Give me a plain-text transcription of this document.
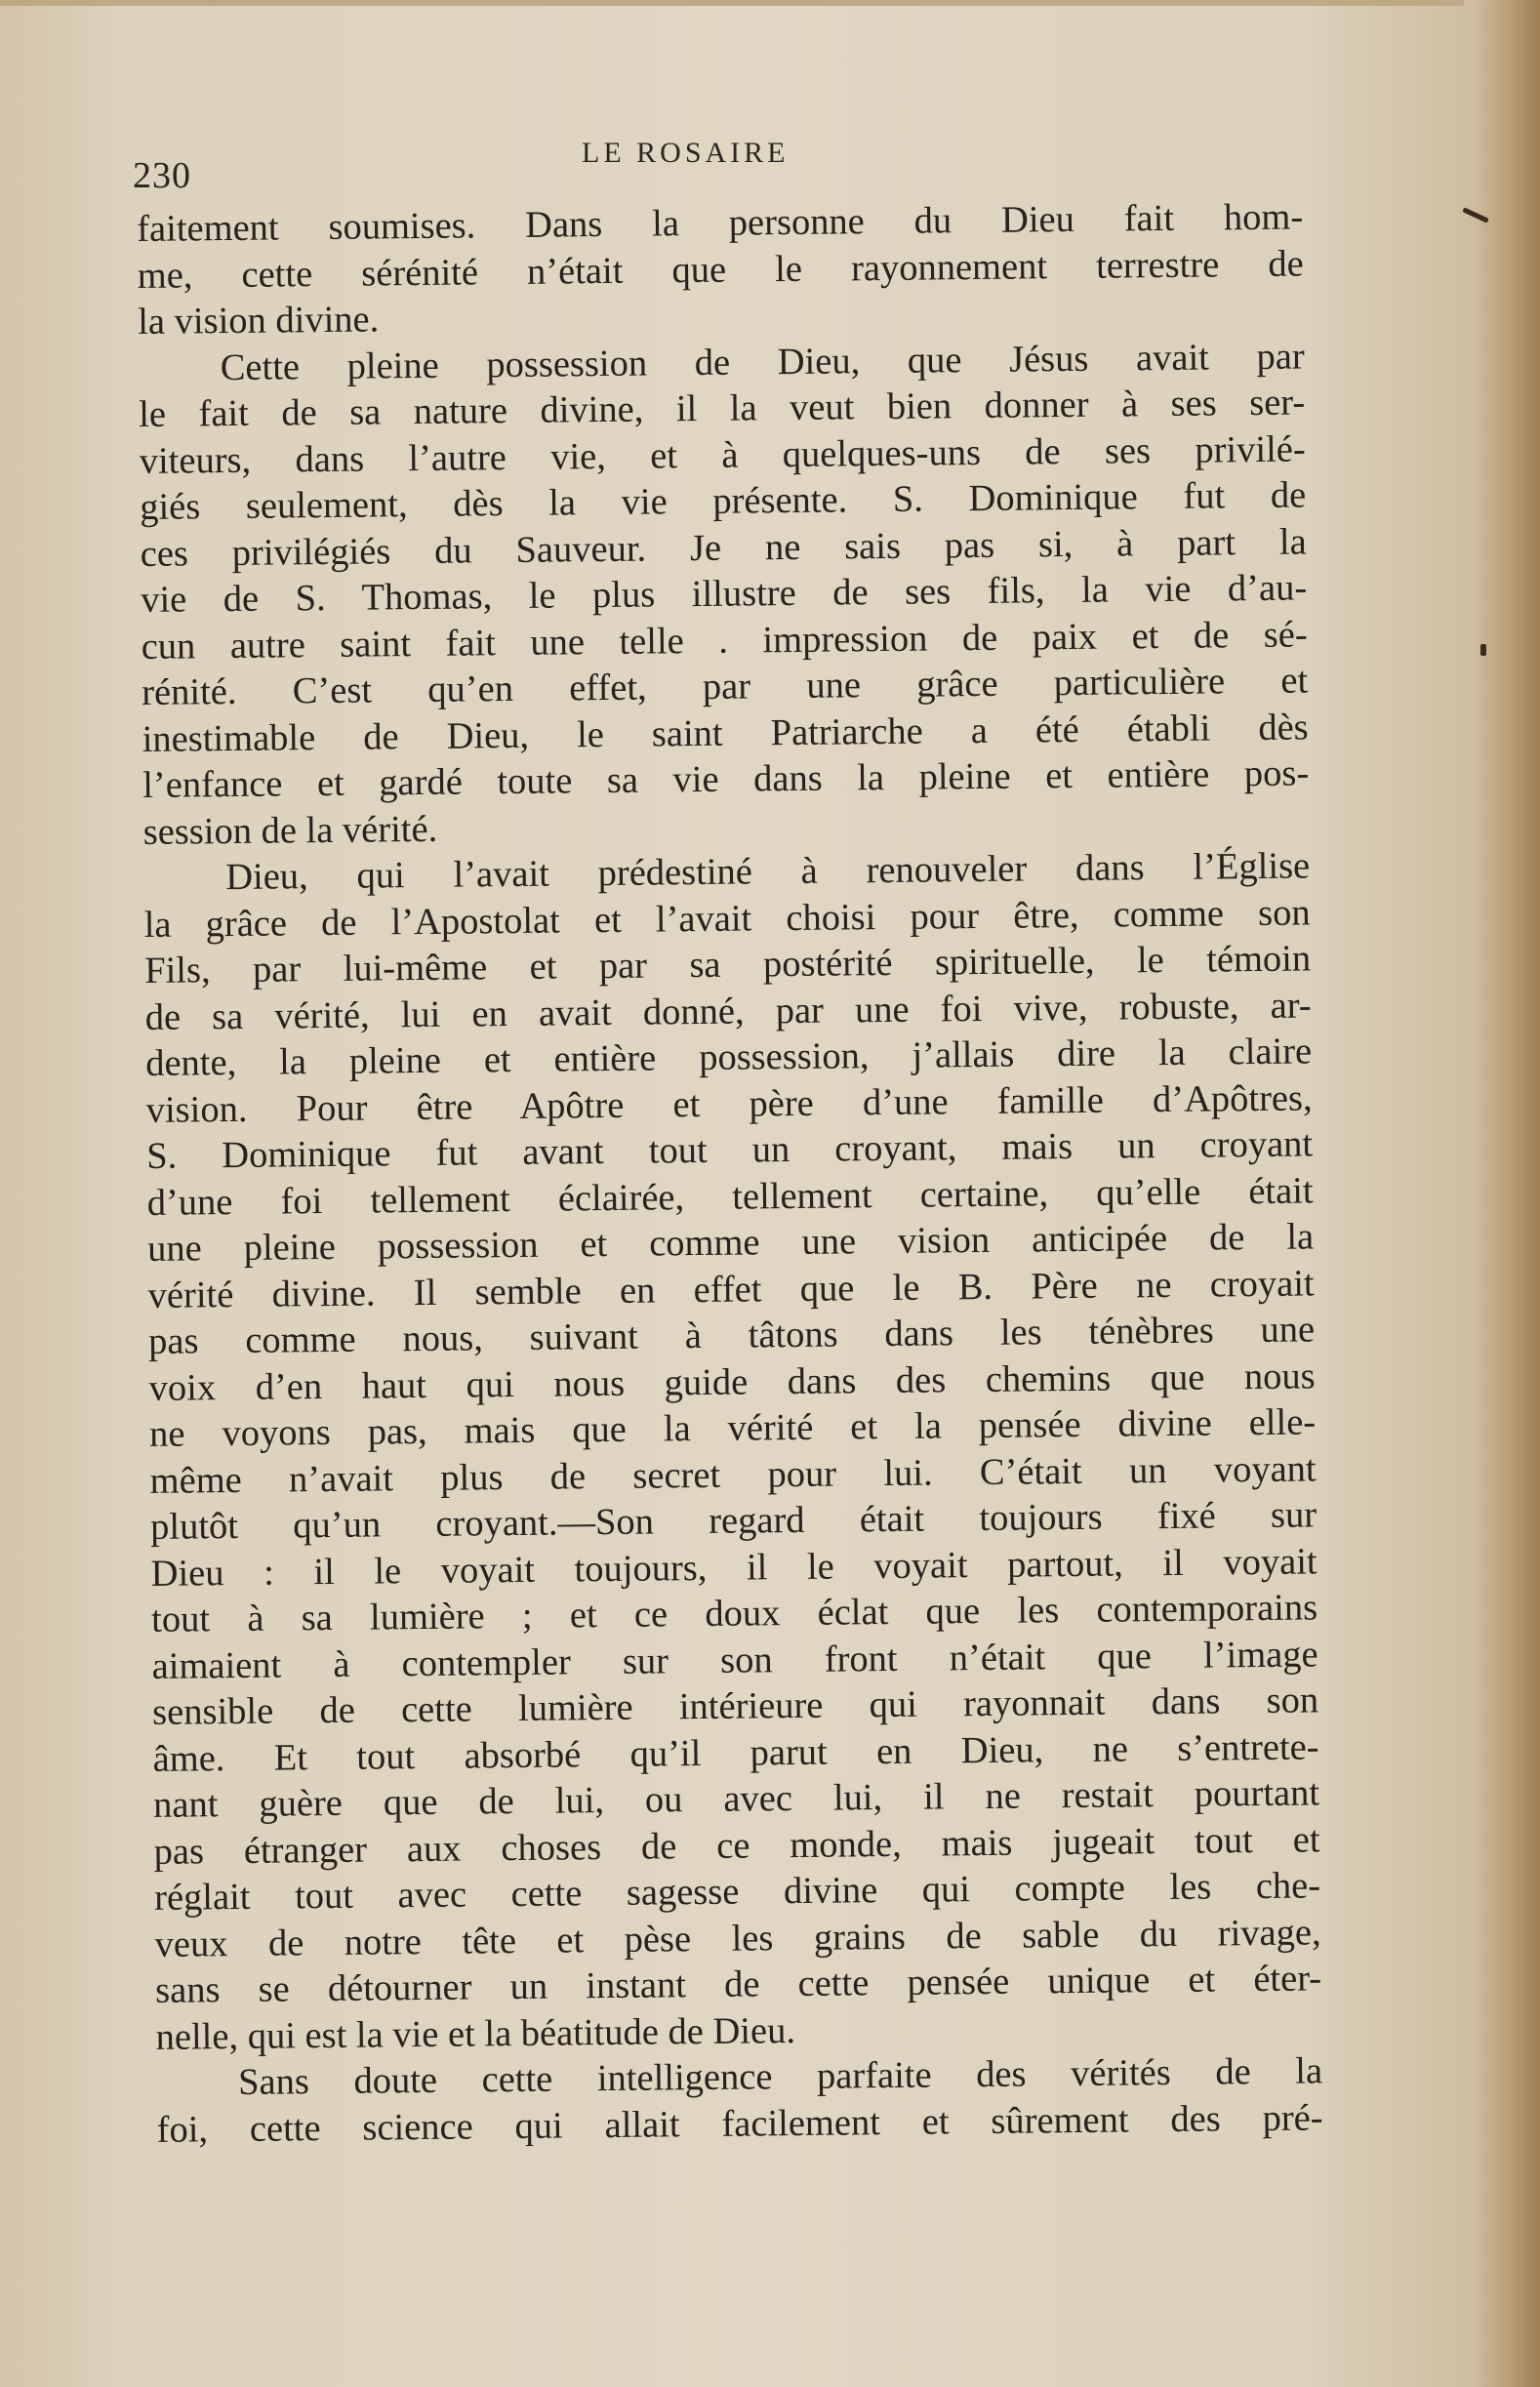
230
LE ROSAIRE
faitement soumises. Dans la personne du Dieu fait hom-
me, cette sérénité n’était que le rayonnement terrestre de
la vision divine.
Cette pleine possession de Dieu, que Jésus avait par
le fait de sa nature divine, il la veut bien donner à ses ser-
viteurs, dans l’autre vie, et à quelques-uns de ses privilé-
giés seulement, dès la vie présente. S. Dominique fut de
ces privilégiés du Sauveur. Je ne sais pas si, à part la
vie de S. Thomas, le plus illustre de ses fils, la vie d’au-
cun autre saint fait une telle . impression de paix et de sé-
rénité. C’est qu’en effet, par une grâce particulière et
inestimable de Dieu, le saint Patriarche a été établi dès
l’enfance et gardé toute sa vie dans la pleine et entière pos-
session de la vérité.
Dieu, qui l’avait prédestiné à renouveler dans l’Église
la grâce de l’Apostolat et l’avait choisi pour être, comme son
Fils, par lui-même et par sa postérité spirituelle, le témoin
de sa vérité, lui en avait donné, par une foi vive, robuste, ar-
dente, la pleine et entière possession, j’allais dire la claire
vision. Pour être Apôtre et père d’une famille d’Apôtres,
S. Dominique fut avant tout un croyant, mais un croyant
d’une foi tellement éclairée, tellement certaine, qu’elle était
une pleine possession et comme une vision anticipée de la
vérité divine. Il semble en effet que le B. Père ne croyait
pas comme nous, suivant à tâtons dans les ténèbres une
voix d’en haut qui nous guide dans des chemins que nous
ne voyons pas, mais que la vérité et la pensée divine elle-
même n’avait plus de secret pour lui. C’était un voyant
plutôt qu’un croyant.—Son regard était toujours fixé sur
Dieu : il le voyait toujours, il le voyait partout, il voyait
tout à sa lumière ; et ce doux éclat que les contemporains
aimaient à contempler sur son front n’était que l’image
sensible de cette lumière intérieure qui rayonnait dans son
âme. Et tout absorbé qu’il parut en Dieu, ne s’entrete-
nant guère que de lui, ou avec lui, il ne restait pourtant
pas étranger aux choses de ce monde, mais jugeait tout et
réglait tout avec cette sagesse divine qui compte les che-
veux de notre tête et pèse les grains de sable du rivage,
sans se détourner un instant de cette pensée unique et éter-
nelle, qui est la vie et la béatitude de Dieu.
Sans doute cette intelligence parfaite des vérités de la
foi, cette science qui allait facilement et sûrement des pré-
